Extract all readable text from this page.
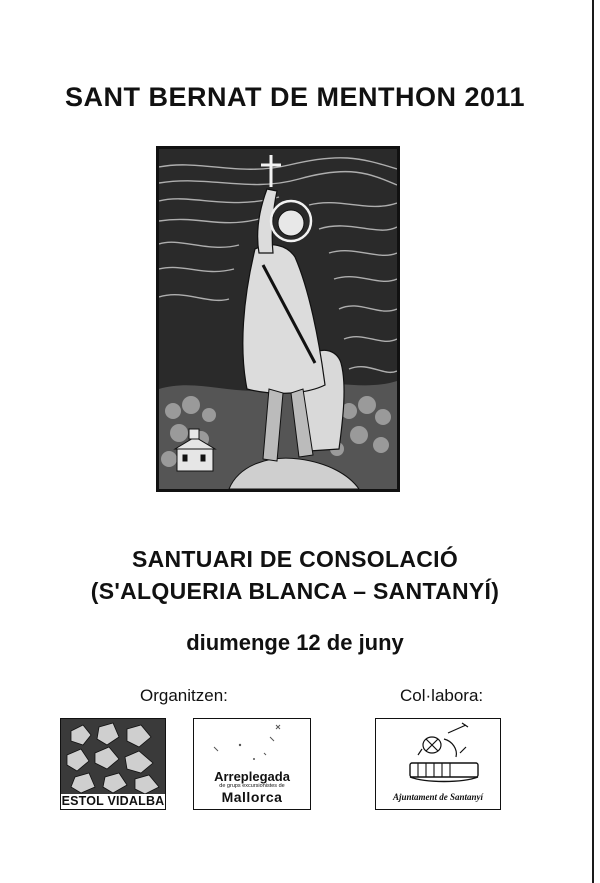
SANT BERNAT DE MENTHON 2011
SANTUARI DE CONSOLACIÓ
(S'ALQUERIA BLANCA – SANTANYÍ)
diumenge 12 de juny
Organitzen:	Col·labora:
ESTOL VIDALBA
Arreplegada
de grups excursionistes de
Mallorca	Ajuntament de Santanyí
